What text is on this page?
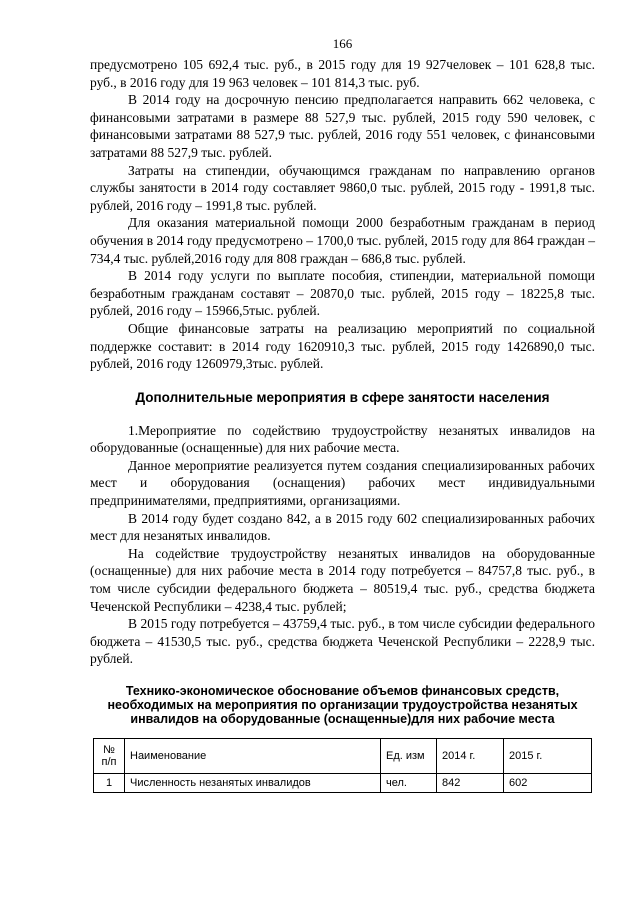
166

предусмотрено 105 692,4 тыс. руб., в 2015 году для 19 927человек – 101 628,8 тыс. руб., в 2016 году для 19 963 человек – 101 814,3 тыс. руб.

В 2014 году на досрочную пенсию предполагается направить 662 человека, с финансовыми затратами в размере 88 527,9 тыс. рублей, 2015 году 590 человек, с финансовыми затратами 88 527,9 тыс. рублей, 2016 году 551 человек, с финансовыми затратами 88 527,9 тыс. рублей.

Затраты на стипендии, обучающимся гражданам по направлению органов службы занятости в 2014 году составляет 9860,0 тыс. рублей, 2015 году - 1991,8 тыс. рублей, 2016 году – 1991,8 тыс. рублей.

Для оказания материальной помощи 2000 безработным гражданам в период обучения в 2014 году предусмотрено – 1700,0 тыс. рублей, 2015 году для 864 граждан – 734,4 тыс. рублей,2016 году для 808 граждан – 686,8 тыс. рублей.

В 2014 году услуги по выплате пособия, стипендии, материальной помощи безработным гражданам составят – 20870,0 тыс. рублей, 2015 году – 18225,8 тыс. рублей, 2016 году – 15966,5тыс. рублей.

Общие финансовые затраты на реализацию мероприятий по социальной поддержке составит: в 2014 году 1620910,3 тыс. рублей, 2015 году 1426890,0 тыс. рублей, 2016 году 1260979,3тыс. рублей.

Дополнительные мероприятия в сфере занятости населения

1.Мероприятие по содействию трудоустройству незанятых инвалидов на оборудованные (оснащенные) для них рабочие места.

Данное мероприятие реализуется путем создания специализированных рабочих мест и оборудования (оснащения) рабочих мест индивидуальными предпринимателями, предприятиями, организациями.

В 2014 году будет создано 842, а в 2015 году 602 специализированных рабочих мест для незанятых инвалидов.

На содействие трудоустройству незанятых инвалидов на оборудованные (оснащенные) для них рабочие места в 2014 году потребуется – 84757,8 тыс. руб., в том числе субсидии федерального бюджета – 80519,4 тыс. руб., средства бюджета Чеченской Республики – 4238,4 тыс. рублей;

В 2015 году потребуется – 43759,4 тыс. руб., в том числе субсидии федерального бюджета – 41530,5 тыс. руб., средства бюджета Чеченской Республики – 2228,9 тыс. рублей.

Технико-экономическое обоснование объемов финансовых средств, необходимых на мероприятия по организации трудоустройства незанятых инвалидов на оборудованные (оснащенные)для них рабочие места
№ п/п	Наименование	Ед. изм	2014 г.	2015 г.
1	Численность незанятых инвалидов	чел.	842	602
